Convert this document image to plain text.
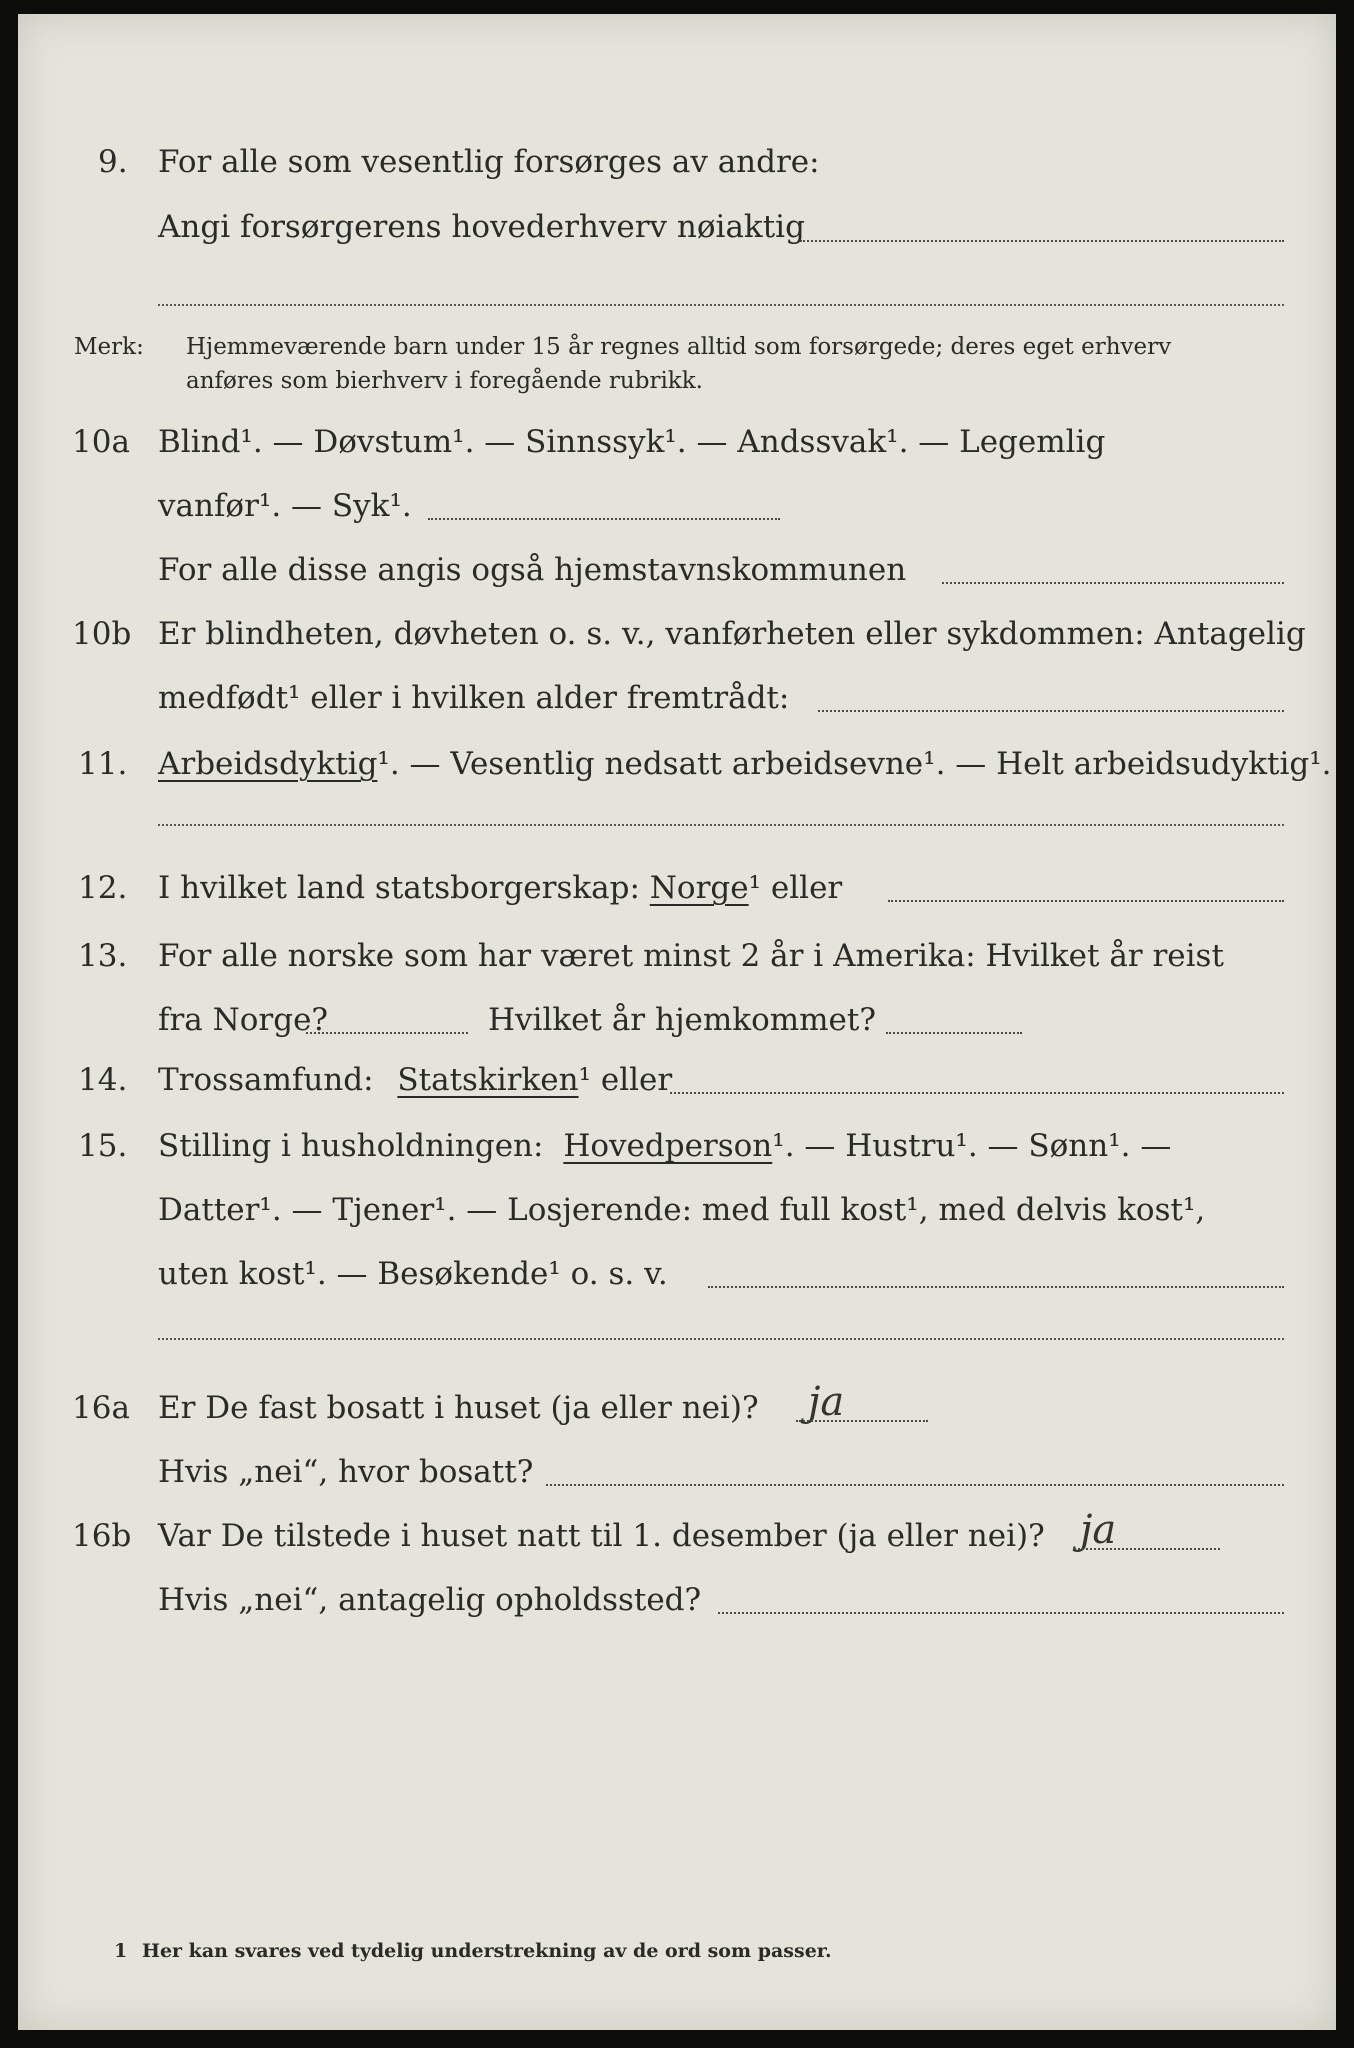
9. For alle som vesentlig forsørges av andre:
Angi forsørgerens hovederhverv nøiaktig
Merk: Hjemmeværende barn under 15 år regnes alltid som forsørgede; deres eget erhverv
anføres som bierhverv i foregående rubrikk.
10a Blind¹. — Døvstum¹. — Sinnssyk¹. — Andssvak¹. — Legemlig
vanfør¹. — Syk¹.
For alle disse angis også hjemstavnskommunen
10b Er blindheten, døvheten o. s. v., vanførheten eller sykdommen: Antagelig
medfødt¹ eller i hvilken alder fremtrådt:
11. Arbeidsdyktig¹. — Vesentlig nedsatt arbeidsevne¹. — Helt arbeidsudyktig¹.
12. I hvilket land statsborgerskap: Norge¹ eller
13. For alle norske som har været minst 2 år i Amerika: Hvilket år reist
fra Norge?	Hvilket år hjemkommet?
14. Trossamfund: Statskirken¹ eller
15. Stilling i husholdningen: Hovedperson¹. — Hustru¹. — Sønn¹. —
Datter¹. — Tjener¹. — Losjerende: med full kost¹, med delvis kost¹,
uten kost¹. — Besøkende¹ o. s. v.
16a Er De fast bosatt i huset (ja eller nei)? ja
Hvis „nei“, hvor bosatt?
16b Var De tilstede i huset natt til 1. desember (ja eller nei)? ja
Hvis „nei“, antagelig opholdssted?
1 Her kan svares ved tydelig understrekning av de ord som passer.
